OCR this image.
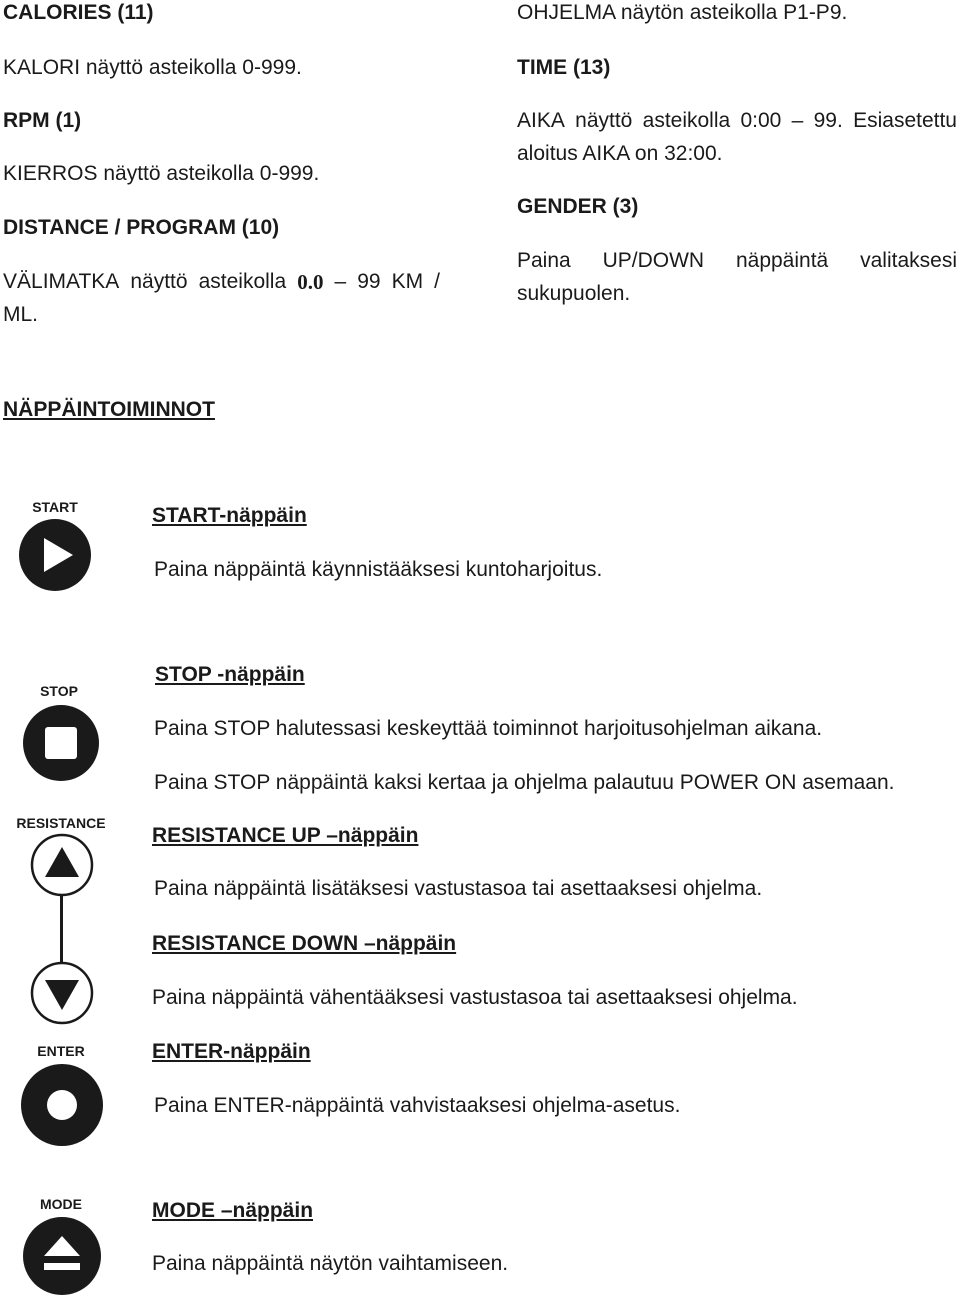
CALORIES (11)
KALORI näyttö asteikolla 0-999.
RPM (1)
KIERROS näyttö asteikolla 0-999.
DISTANCE / PROGRAM (10)
VÄLIMATKA näyttö asteikolla 0.0 – 99 KM /
ML.
OHJELMA näytön asteikolla P1-P9.
TIME (13)
AIKA näyttö asteikolla 0:00 – 99. Esiasetettu
aloitus AIKA on 32:00.
GENDER (3)
Paina UP/DOWN näppäintä valitaksesi
sukupuolen.
NÄPPÄINTOIMINNOT
START	START-näppäin
Paina näppäintä käynnistääksesi kuntoharjoitus.
STOP
STOP -näppäin
Paina STOP halutessasi keskeyttää toiminnot harjoitusohjelman aikana.
Paina STOP näppäintä kaksi kertaa ja ohjelma palautuu POWER ON asemaan.
RESISTANCE
RESISTANCE UP –näppäin
Paina näppäintä lisätäksesi vastustasoa tai asettaaksesi ohjelma.
RESISTANCE DOWN –näppäin
Paina näppäintä vähentääksesi vastustasoa tai asettaaksesi ohjelma.
ENTER	ENTER-näppäin
Paina ENTER-näppäintä vahvistaaksesi ohjelma-asetus.
MODE	MODE –näppäin
Paina näppäintä näytön vaihtamiseen.
